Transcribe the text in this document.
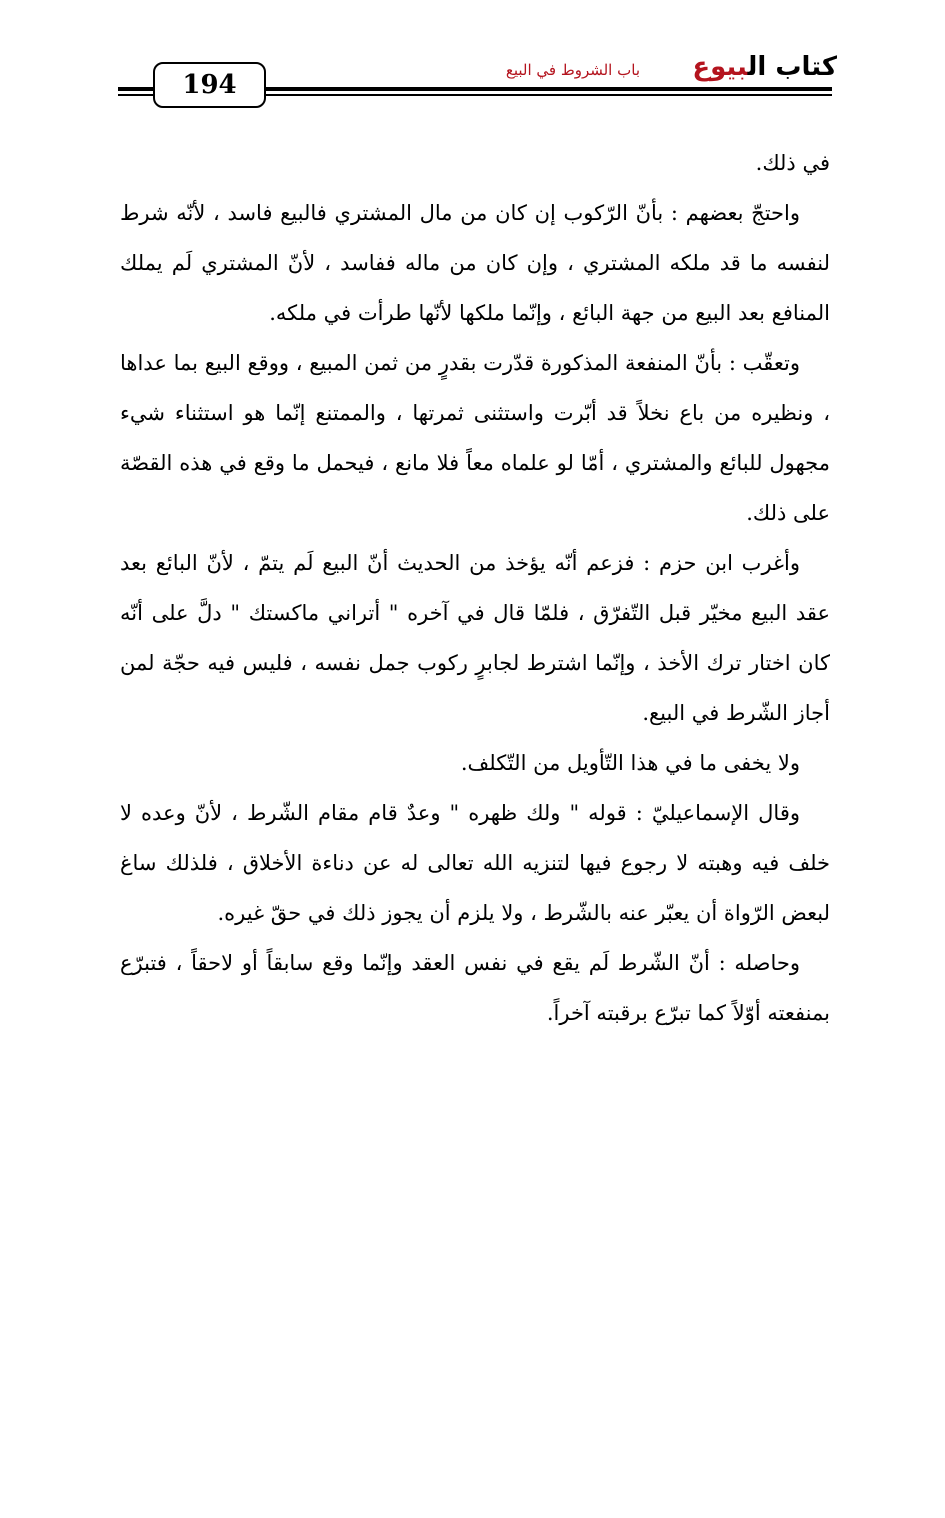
كتاب البيوع
باب الشروط في البيع
194

في ذلك.

واحتجّ بعضهم : بأنّ الرّكوب إن كان من مال المشتري فالبيع فاسد ، لأنّه شرط لنفسه ما قد ملكه المشتري ، وإن كان من ماله ففاسد ، لأنّ المشتري لَم يملك المنافع بعد البيع من جهة البائع ، وإنّما ملكها لأنّها طرأت في ملكه.

وتعقّب : بأنّ المنفعة المذكورة قدّرت بقدرٍ من ثمن المبيع ، ووقع البيع بما عداها ، ونظيره من باع نخلاً قد أبّرت واستثنى ثمرتها ، والممتنع إنّما هو استثناء شيء مجهول للبائع والمشتري ، أمّا لو علماه معاً فلا مانع ، فيحمل ما وقع في هذه القصّة على ذلك.

وأغرب ابن حزم : فزعم أنّه يؤخذ من الحديث أنّ البيع لَم يتمّ ، لأنّ البائع بعد عقد البيع مخيّر قبل التّفرّق ، فلمّا قال في آخره " أتراني ماكستك " دلَّ على أنّه كان اختار ترك الأخذ ، وإنّما اشترط لجابرٍ ركوب جمل نفسه ، فليس فيه حجّة لمن أجاز الشّرط في البيع.

ولا يخفى ما في هذا التّأويل من التّكلف.

وقال الإسماعيليّ : قوله " ولك ظهره " وعدٌ قام مقام الشّرط ، لأنّ وعده لا خلف فيه وهبته لا رجوع فيها لتنزيه الله تعالى له عن دناءة الأخلاق ، فلذلك ساغ لبعض الرّواة أن يعبّر عنه بالشّرط ، ولا يلزم أن يجوز ذلك في حقّ غيره.

وحاصله : أنّ الشّرط لَم يقع في نفس العقد وإنّما وقع سابقاً أو لاحقاً ، فتبرّع بمنفعته أوّلاً كما تبرّع برقبته آخراً.
